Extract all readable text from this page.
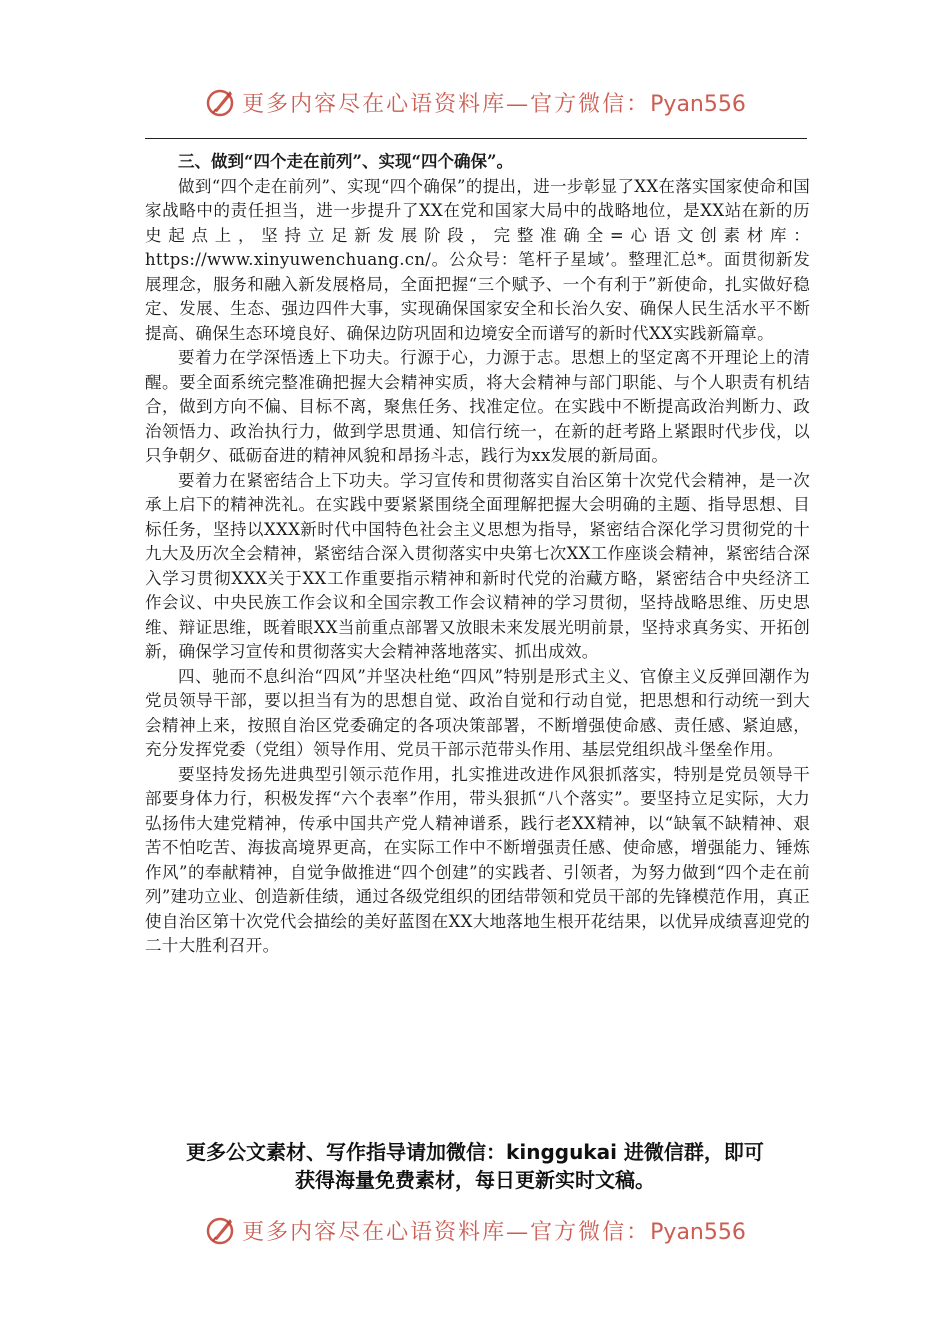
更多内容尽在心语资料库—官方微信：Pyan556

三、做到“四个走在前列”、实现“四个确保”。

做到“四个走在前列”、实现“四个确保”的提出，进一步彰显了XX在落实国家使命和国家战略中的责任担当，进一步提升了XX在党和国家大局中的战略地位，是XX站在新的历史起点上，坚持立足新发展阶段，完整准确全=心语文创素材库：https://www.xinyuwenchuang.cn/。公众号：笔杆子星域’。整理汇总*。面贯彻新发展理念，服务和融入新发展格局，全面把握“三个赋予、一个有利于”新使命，扎实做好稳定、发展、生态、强边四件大事，实现确保国家安全和长治久安、确保人民生活水平不断提高、确保生态环境良好、确保边防巩固和边境安全而谱写的新时代XX实践新篇章。

要着力在学深悟透上下功夫。行源于心，力源于志。思想上的坚定离不开理论上的清醒。要全面系统完整准确把握大会精神实质，将大会精神与部门职能、与个人职责有机结合，做到方向不偏、目标不离，聚焦任务、找准定位。在实践中不断提高政治判断力、政治领悟力、政治执行力，做到学思贯通、知信行统一，在新的赶考路上紧跟时代步伐，以只争朝夕、砥砺奋进的精神风貌和昂扬斗志，践行为xx发展的新局面。

要着力在紧密结合上下功夫。学习宣传和贯彻落实自治区第十次党代会精神，是一次承上启下的精神洗礼。在实践中要紧紧围绕全面理解把握大会明确的主题、指导思想、目标任务，坚持以XXX新时代中国特色社会主义思想为指导，紧密结合深化学习贯彻党的十九大及历次全会精神，紧密结合深入贯彻落实中央第七次XX工作座谈会精神，紧密结合深入学习贯彻XXX关于XX工作重要指示精神和新时代党的治藏方略，紧密结合中央经济工作会议、中央民族工作会议和全国宗教工作会议精神的学习贯彻，坚持战略思维、历史思维、辩证思维，既着眼XX当前重点部署又放眼未来发展光明前景，坚持求真务实、开拓创新，确保学习宣传和贯彻落实大会精神落地落实、抓出成效。

四、驰而不息纠治“四风”并坚决杜绝“四风”特别是形式主义、官僚主义反弹回潮作为党员领导干部，要以担当有为的思想自觉、政治自觉和行动自觉，把思想和行动统一到大会精神上来，按照自治区党委确定的各项决策部署，不断增强使命感、责任感、紧迫感，充分发挥党委（党组）领导作用、党员干部示范带头作用、基层党组织战斗堡垒作用。

要坚持发扬先进典型引领示范作用，扎实推进改进作风狠抓落实，特别是党员领导干部要身体力行，积极发挥“六个表率”作用，带头狠抓“八个落实”。要坚持立足实际，大力弘扬伟大建党精神，传承中国共产党人精神谱系，践行老XX精神，以“缺氧不缺精神、艰苦不怕吃苦、海拔高境界更高，在实际工作中不断增强责任感、使命感，增强能力、锤炼作风”的奉献精神，自觉争做推进“四个创建”的实践者、引领者，为努力做到“四个走在前列”建功立业、创造新佳绩，通过各级党组织的团结带领和党员干部的先锋模范作用，真正使自治区第十次党代会描绘的美好蓝图在XX大地落地生根开花结果，以优异成绩喜迎党的二十大胜利召开。

更多公文素材、写作指导请加微信：kinggukai 进微信群，即可
获得海量免费素材，每日更新实时文稿。
更多内容尽在心语资料库—官方微信：Pyan556
